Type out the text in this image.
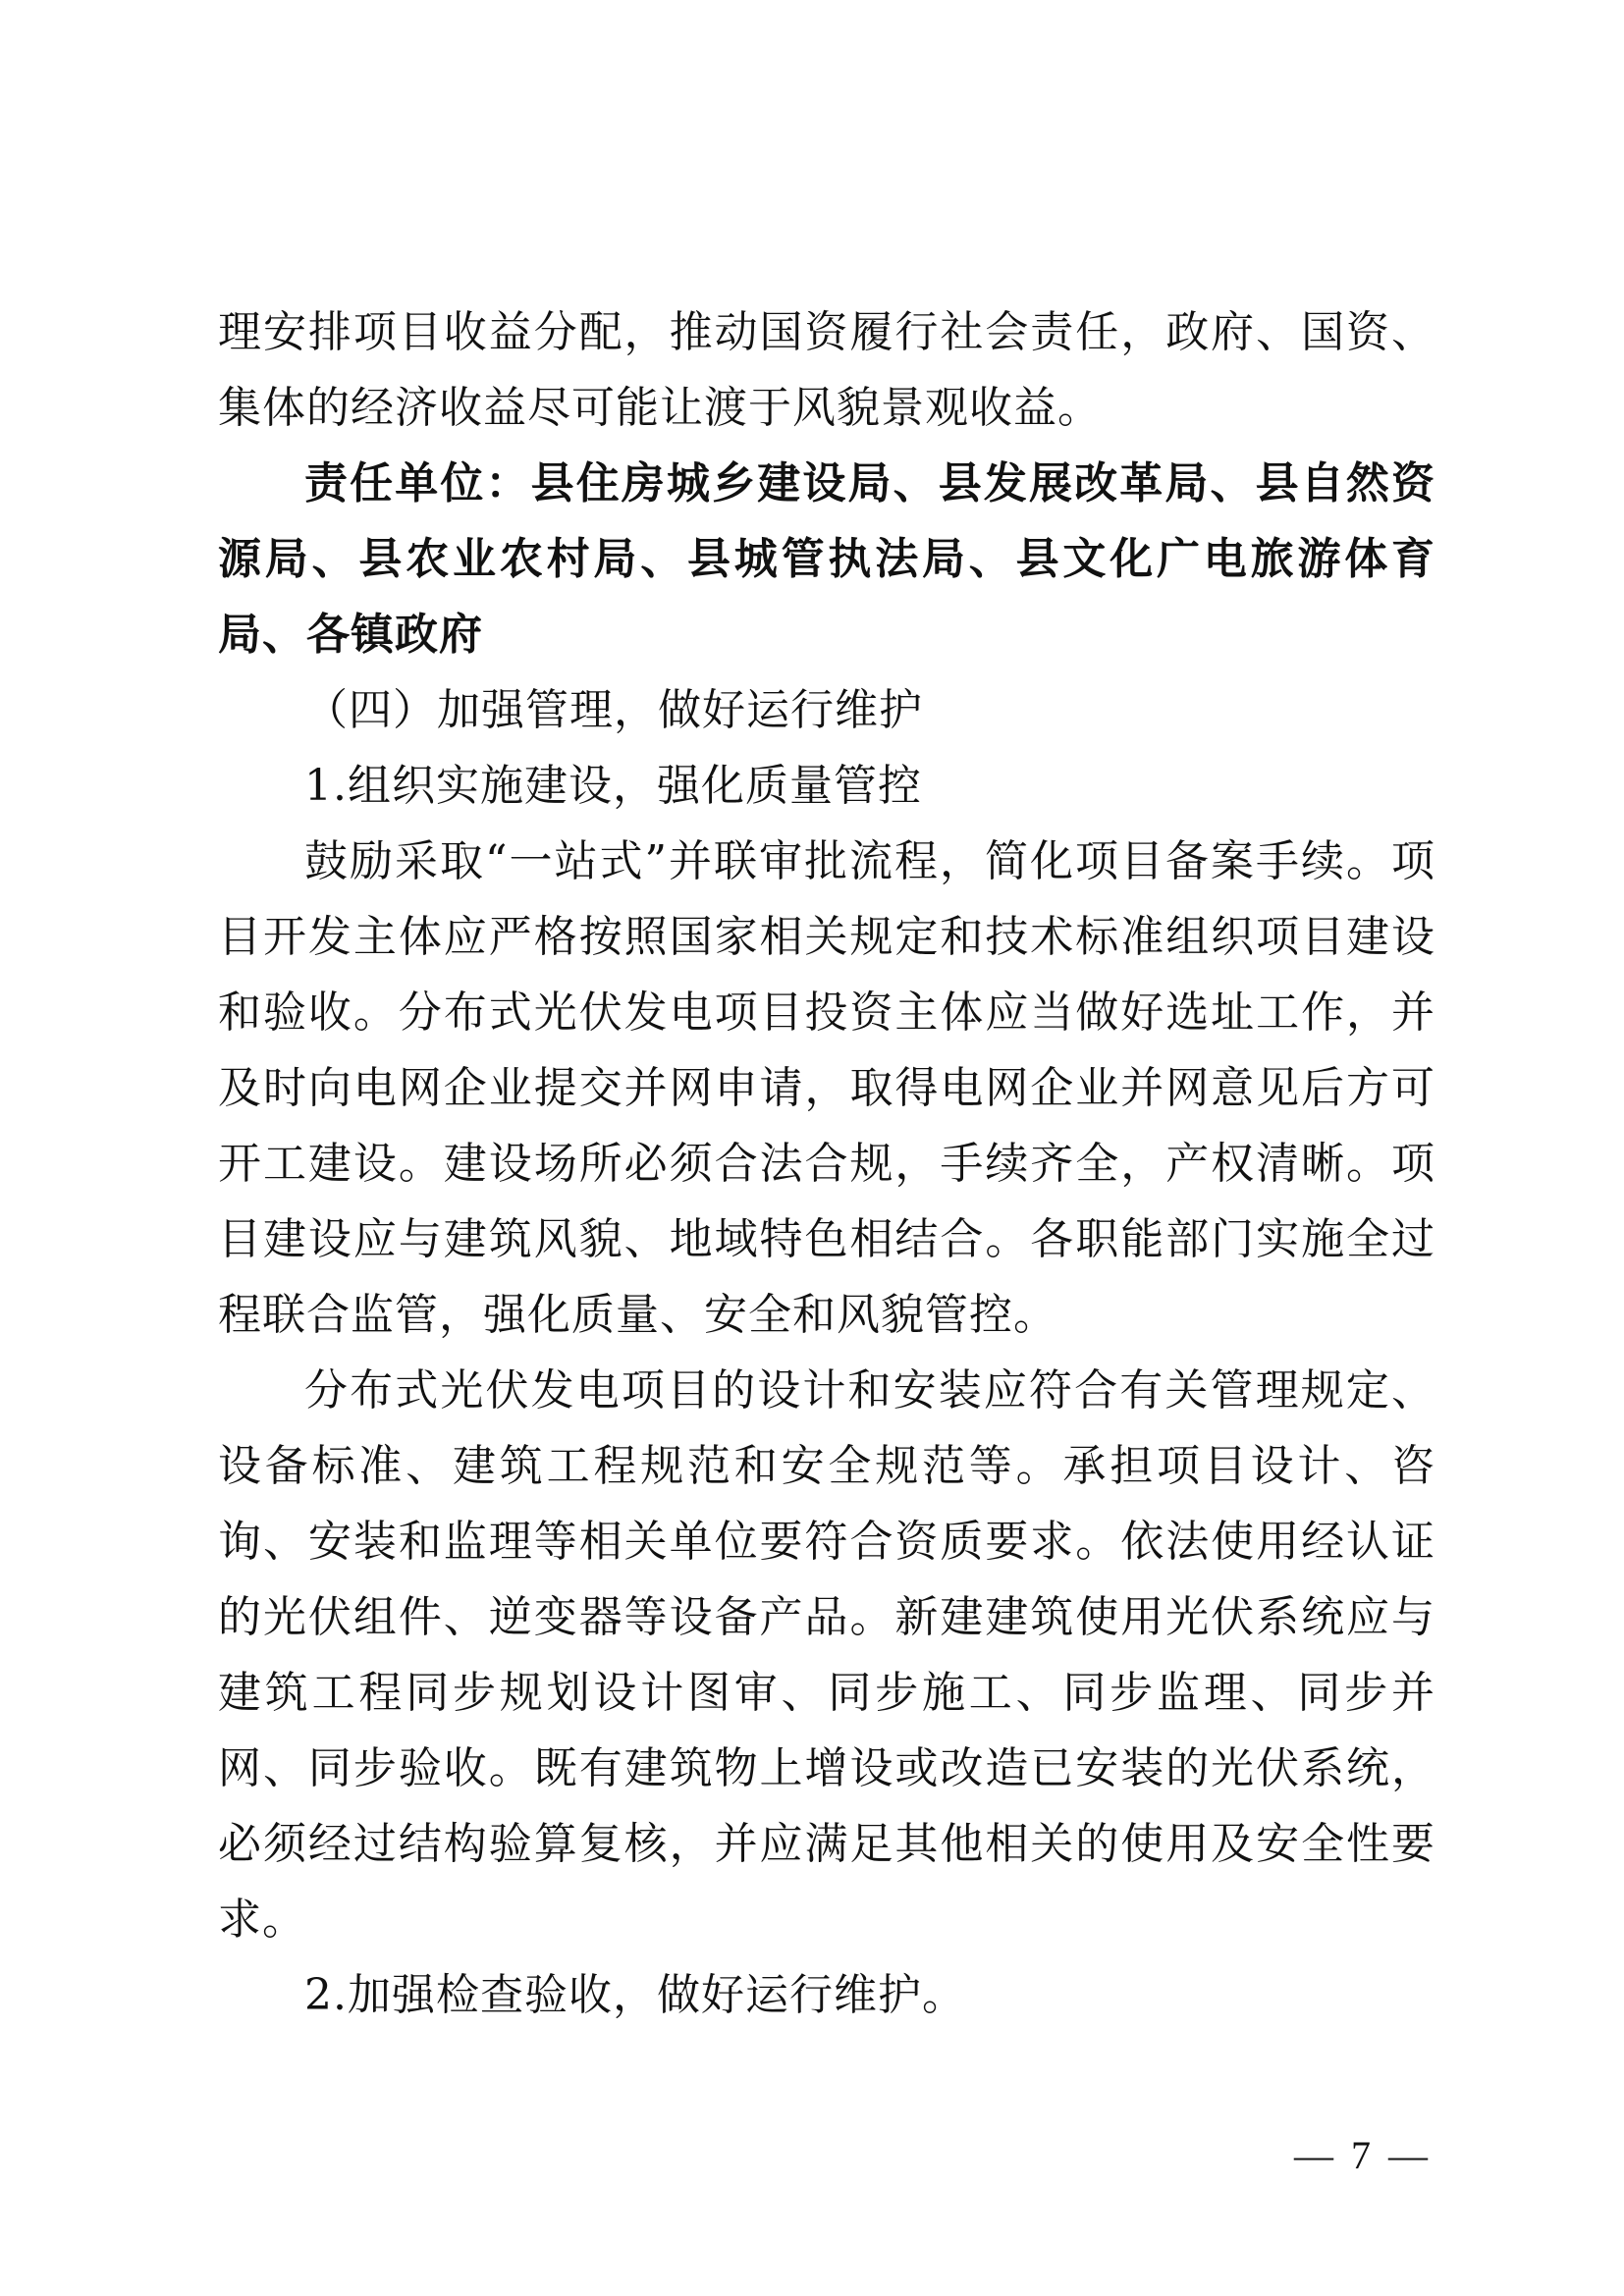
理安排项目收益分配，推动国资履行社会责任，政府、国资、集体的经济收益尽可能让渡于风貌景观收益。

责任单位：县住房城乡建设局、县发展改革局、县自然资源局、县农业农村局、县城管执法局、县文化广电旅游体育局、各镇政府

（四）加强管理，做好运行维护

1.组织实施建设，强化质量管控

鼓励采取“一站式”并联审批流程，简化项目备案手续。项目开发主体应严格按照国家相关规定和技术标准组织项目建设和验收。分布式光伏发电项目投资主体应当做好选址工作，并及时向电网企业提交并网申请，取得电网企业并网意见后方可开工建设。建设场所必须合法合规，手续齐全，产权清晰。项目建设应与建筑风貌、地域特色相结合。各职能部门实施全过程联合监管，强化质量、安全和风貌管控。

分布式光伏发电项目的设计和安装应符合有关管理规定、设备标准、建筑工程规范和安全规范等。承担项目设计、咨询、安装和监理等相关单位要符合资质要求。依法使用经认证的光伏组件、逆变器等设备产品。新建建筑使用光伏系统应与建筑工程同步规划设计图审、同步施工、同步监理、同步并网、同步验收。既有建筑物上增设或改造已安装的光伏系统，必须经过结构验算复核，并应满足其他相关的使用及安全性要求。

2.加强检查验收，做好运行维护。

— 7 —
